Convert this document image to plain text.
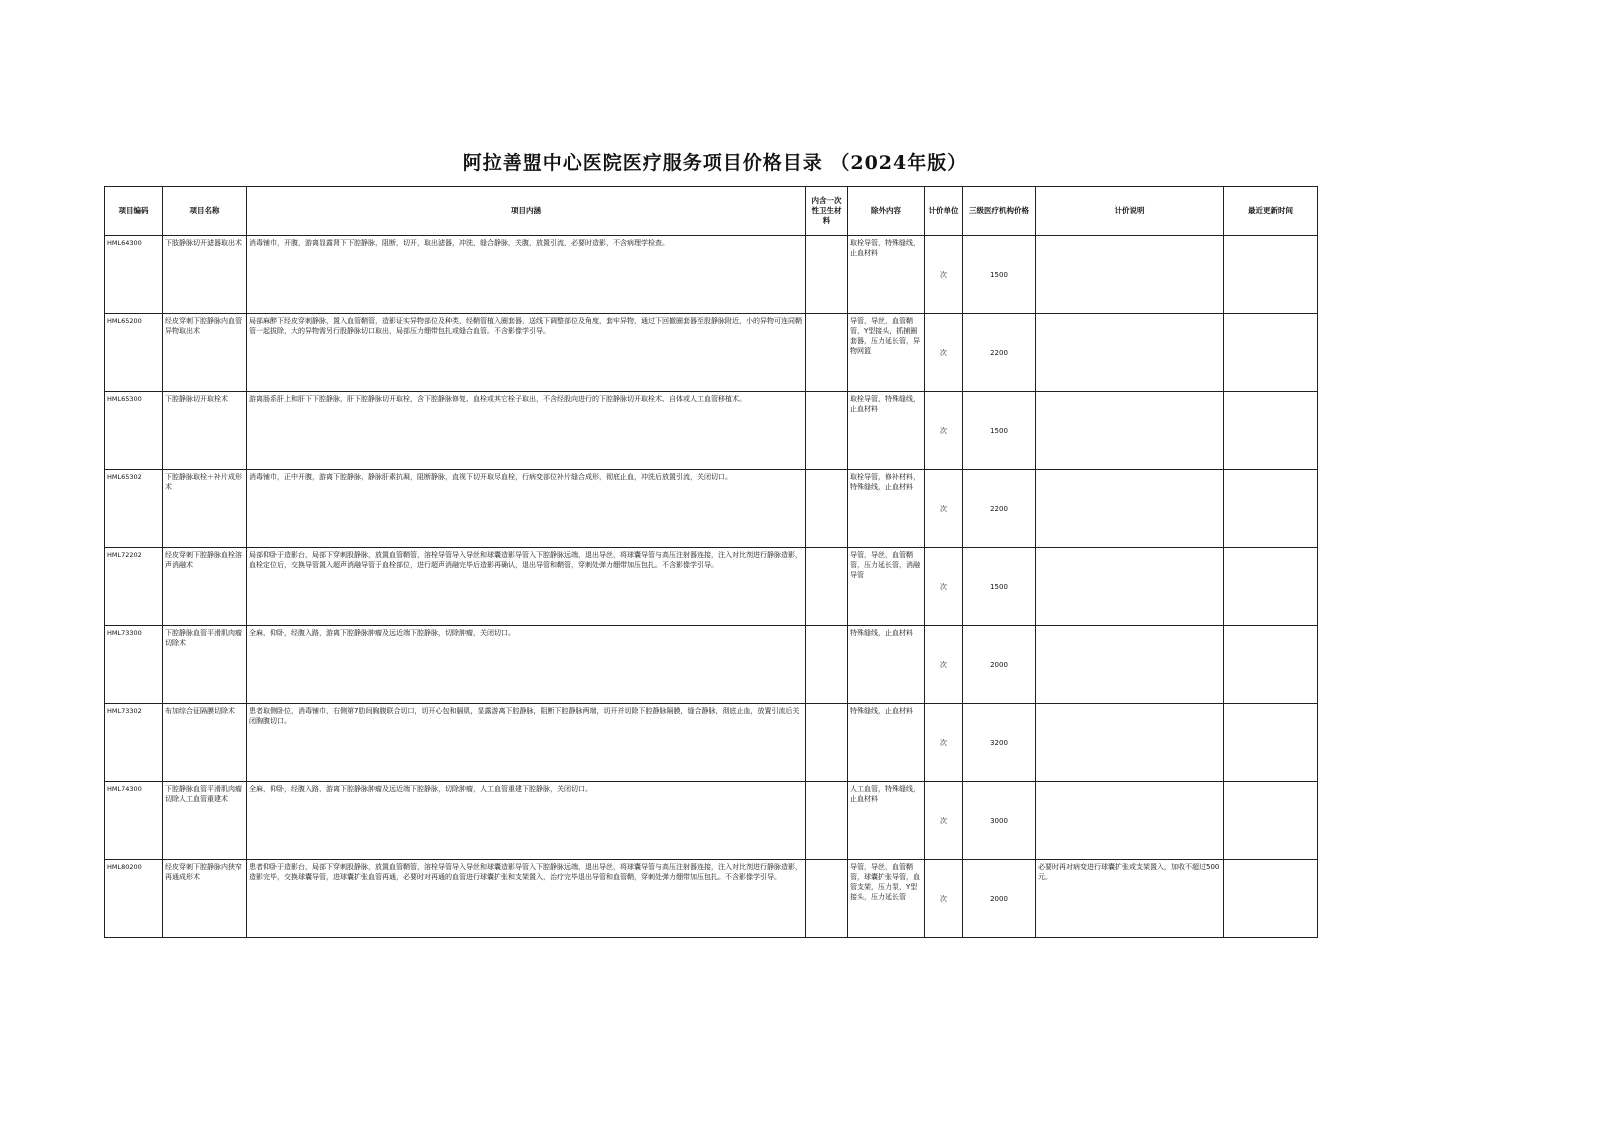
阿拉善盟中心医院医疗服务项目价格目录 （2024年版）
项目编码	项目名称	项目内涵	内含一次性卫生材料	除外内容	计价单位	三级医疗机构价格	计价说明	最近更新时间
HML64300	下肢静脉切开滤器取出术	消毒铺巾，开腹，游离显露肾下下腔静脉，阻断，切开，取出滤器，冲洗，缝合静脉，关腹，放置引流，必要时造影，不含病理学检查。		取栓导管，特殊缝线，止血材料	次	1500		
HML65200	经皮穿刺下腔静脉内血管异物取出术	局部麻醉下经皮穿刺静脉，置入血管鞘管，造影证实异物部位及种类，经鞘管植入圈套器，送线下调整部位及角度，套牢异物，通过下回撤圈套器至股静脉附近，小的异物可连同鞘管一起拔除，大的异物需另行股静脉切口取出，局部压力绷带包扎或缝合血管。不含影像学引导。		导管，导丝，血管鞘管，Y型接头，抓捕圈套器，压力延长管，异物网篮	次	2200		
HML65300	下腔静脉切开取栓术	游离肠系肝上和肝下下腔静脉，肝下腔静脉切开取栓，含下腔静脉修复、血栓或其它栓子取出，不含经股向进行的下腔静脉切开取栓术、自体或人工血管移植术。		取栓导管，特殊缝线，止血材料	次	1500		
HML65302	下腔静脉取栓＋补片成形术	消毒铺巾，正中开腹，游离下腔静脉，静脉肝素抗凝，阻断静脉，直视下切开取尽血栓，行病变部位补片缝合成形，彻底止血，冲洗后放置引流，关闭切口。		取栓导管，修补材料，特殊缝线，止血材料	次	2200		
HML72202	经皮穿刺下腔静脉血栓溶声消融术	局部仰卧于造影台，局部下穿刺股静脉，放置血管鞘管，溶栓导管导入导丝和球囊造影导管入下腔静脉远端，退出导丝，将球囊导管与高压注射器连接，注入对比剂进行静脉造影，血栓定位后，交换导管置入超声消融导管于血栓部位，进行超声消融完毕后造影再确认，退出导管和鞘管，穿刺处弹力绷带加压包扎。不含影像学引导。		导管，导丝，血管鞘管，压力延长管，消融导管	次	1500		
HML73300	下腔静脉血管平滑肌肉瘤切除术	全麻，仰卧，经腹入路，游离下腔静脉肿瘤及远近端下腔静脉，切除肿瘤，关闭切口。		特殊缝线，止血材料	次	2000		
HML73302	布加综合征隔膜切除术	患者取侧卧位，消毒铺巾，右侧第7肋间胸腹联合切口，切开心包和膈肌，显露游离下腔静脉，阻断下腔静脉两端，切开并切除下腔静脉隔膜，缝合静脉，彻底止血，放置引流后关闭胸腹切口。		特殊缝线，止血材料	次	3200		
HML74300	下腔静脉血管平滑肌肉瘤切除人工血管重建术	全麻，仰卧，经腹入路，游离下腔静脉肿瘤及远近端下腔静脉，切除肿瘤，人工血管重建下腔静脉，关闭切口。		人工血管，特殊缝线，止血材料	次	3000		
HML80200	经皮穿刺下腔静脉内狭窄再通成形术	患者仰卧于造影台，局部下穿刺股静脉，放置血管鞘管，溶栓导管导入导丝和球囊造影导管入下腔静脉远端，退出导丝，将球囊导管与高压注射器连接，注入对比剂进行静脉造影，造影完毕，交换球囊导管，进球囊扩张血管再通，必要时对再通的血管进行球囊扩张和支架置入，治疗完毕退出导管和血管鞘，穿刺处弹力绷带加压包扎。不含影像学引导。		导管，导丝，血管鞘管，球囊扩张导管，血管支架，压力泵，Y型接头，压力延长管	次	2000	必要时再对病变进行球囊扩张或支架置入，加收不超过500元。	
